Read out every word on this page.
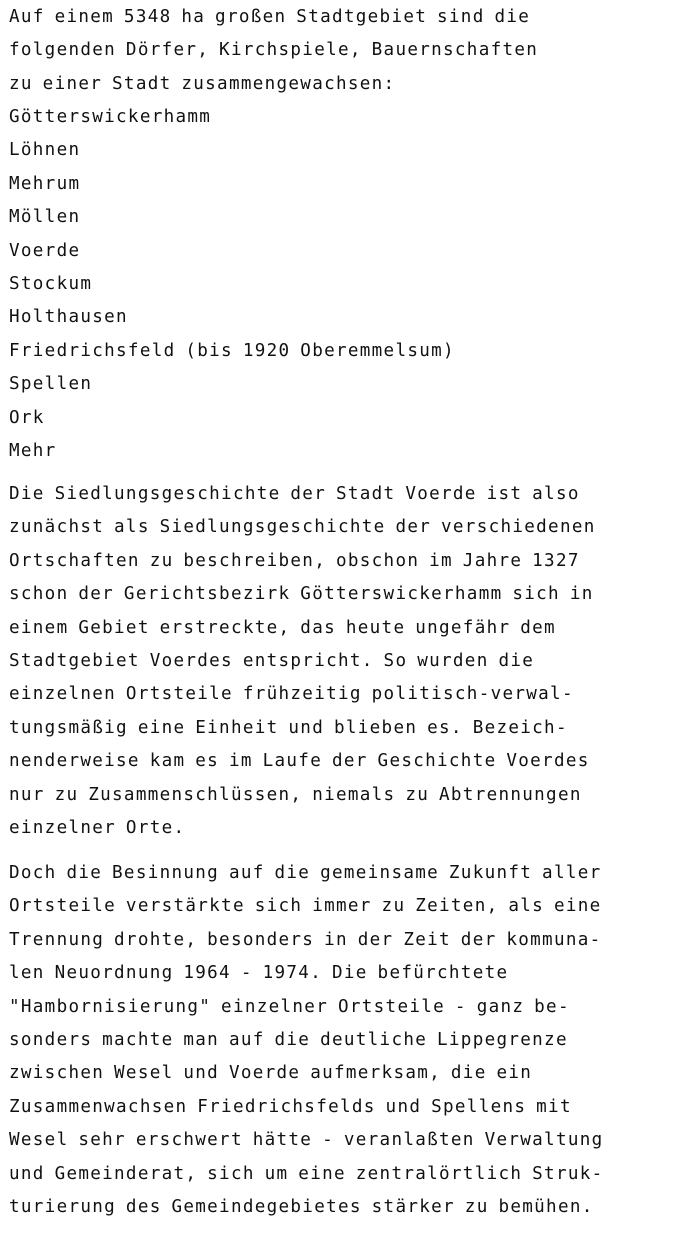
Auf einem 5348 ha großen Stadtgebiet sind die
folgenden Dörfer, Kirchspiele, Bauernschaften
zu einer Stadt zusammengewachsen:
Götterswickerhamm
Löhnen
Mehrum
Möllen
Voerde
Stockum
Holthausen
Friedrichsfeld (bis 1920 Oberemmelsum)
Spellen
Ork
Mehr
Die Siedlungsgeschichte der Stadt Voerde ist also
zunächst als Siedlungsgeschichte der verschiedenen
Ortschaften zu beschreiben, obschon im Jahre 1327
schon der Gerichtsbezirk Götterswickerhamm sich in
einem Gebiet erstreckte, das heute ungefähr dem
Stadtgebiet Voerdes entspricht. So wurden die
einzelnen Ortsteile frühzeitig politisch-verwal-
tungsmäßig eine Einheit und blieben es. Bezeich-
nenderweise kam es im Laufe der Geschichte Voerdes
nur zu Zusammenschlüssen, niemals zu Abtrennungen
einzelner Orte.
Doch die Besinnung auf die gemeinsame Zukunft aller
Ortsteile verstärkte sich immer zu Zeiten, als eine
Trennung drohte, besonders in der Zeit der kommuna-
len Neuordnung 1964 - 1974. Die befürchtete
"Hambornisierung" einzelner Ortsteile - ganz be-
sonders machte man auf die deutliche Lippegrenze
zwischen Wesel und Voerde aufmerksam, die ein
Zusammenwachsen Friedrichsfelds und Spellens mit
Wesel sehr erschwert hätte - veranlaßten Verwaltung
und Gemeinderat, sich um eine zentralörtlich Struk-
turierung des Gemeindegebietes stärker zu bemühen.
